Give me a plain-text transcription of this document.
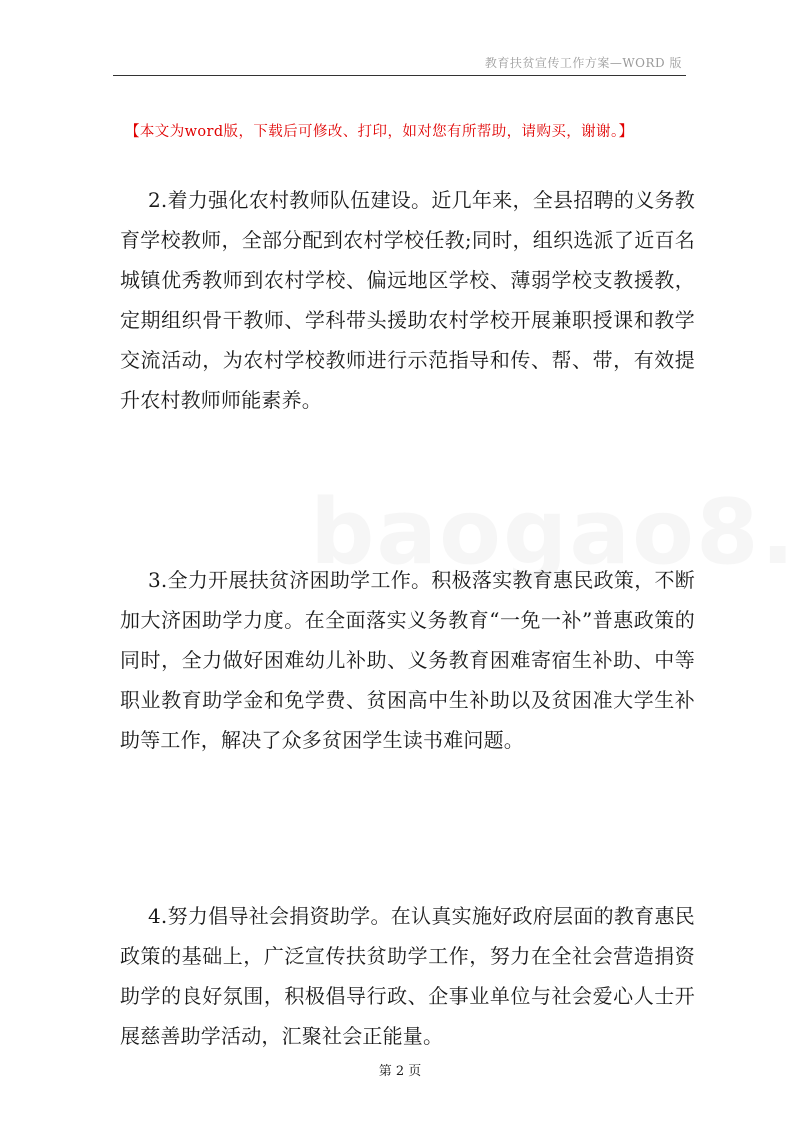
教育扶贫宣传工作方案—WORD 版
【本文为word版，下载后可修改、打印，如对您有所帮助，请购买，谢谢。】

2.着力强化农村教师队伍建设。近几年来，全县招聘的义务教育学校教师，全部分配到农村学校任教;同时，组织选派了近百名城镇优秀教师到农村学校、偏远地区学校、薄弱学校支教援教，定期组织骨干教师、学科带头援助农村学校开展兼职授课和教学交流活动，为农村学校教师进行示范指导和传、帮、带，有效提升农村教师师能素养。

3.全力开展扶贫济困助学工作。积极落实教育惠民政策，不断加大济困助学力度。在全面落实义务教育“一免一补”普惠政策的同时，全力做好困难幼儿补助、义务教育困难寄宿生补助、中等职业教育助学金和免学费、贫困高中生补助以及贫困准大学生补助等工作，解决了众多贫困学生读书难问题。

4.努力倡导社会捐资助学。在认真实施好政府层面的教育惠民政策的基础上，广泛宣传扶贫助学工作，努力在全社会营造捐资助学的良好氛围，积极倡导行政、企事业单位与社会爱心人士开展慈善助学活动，汇聚社会正能量。

第 2 页
